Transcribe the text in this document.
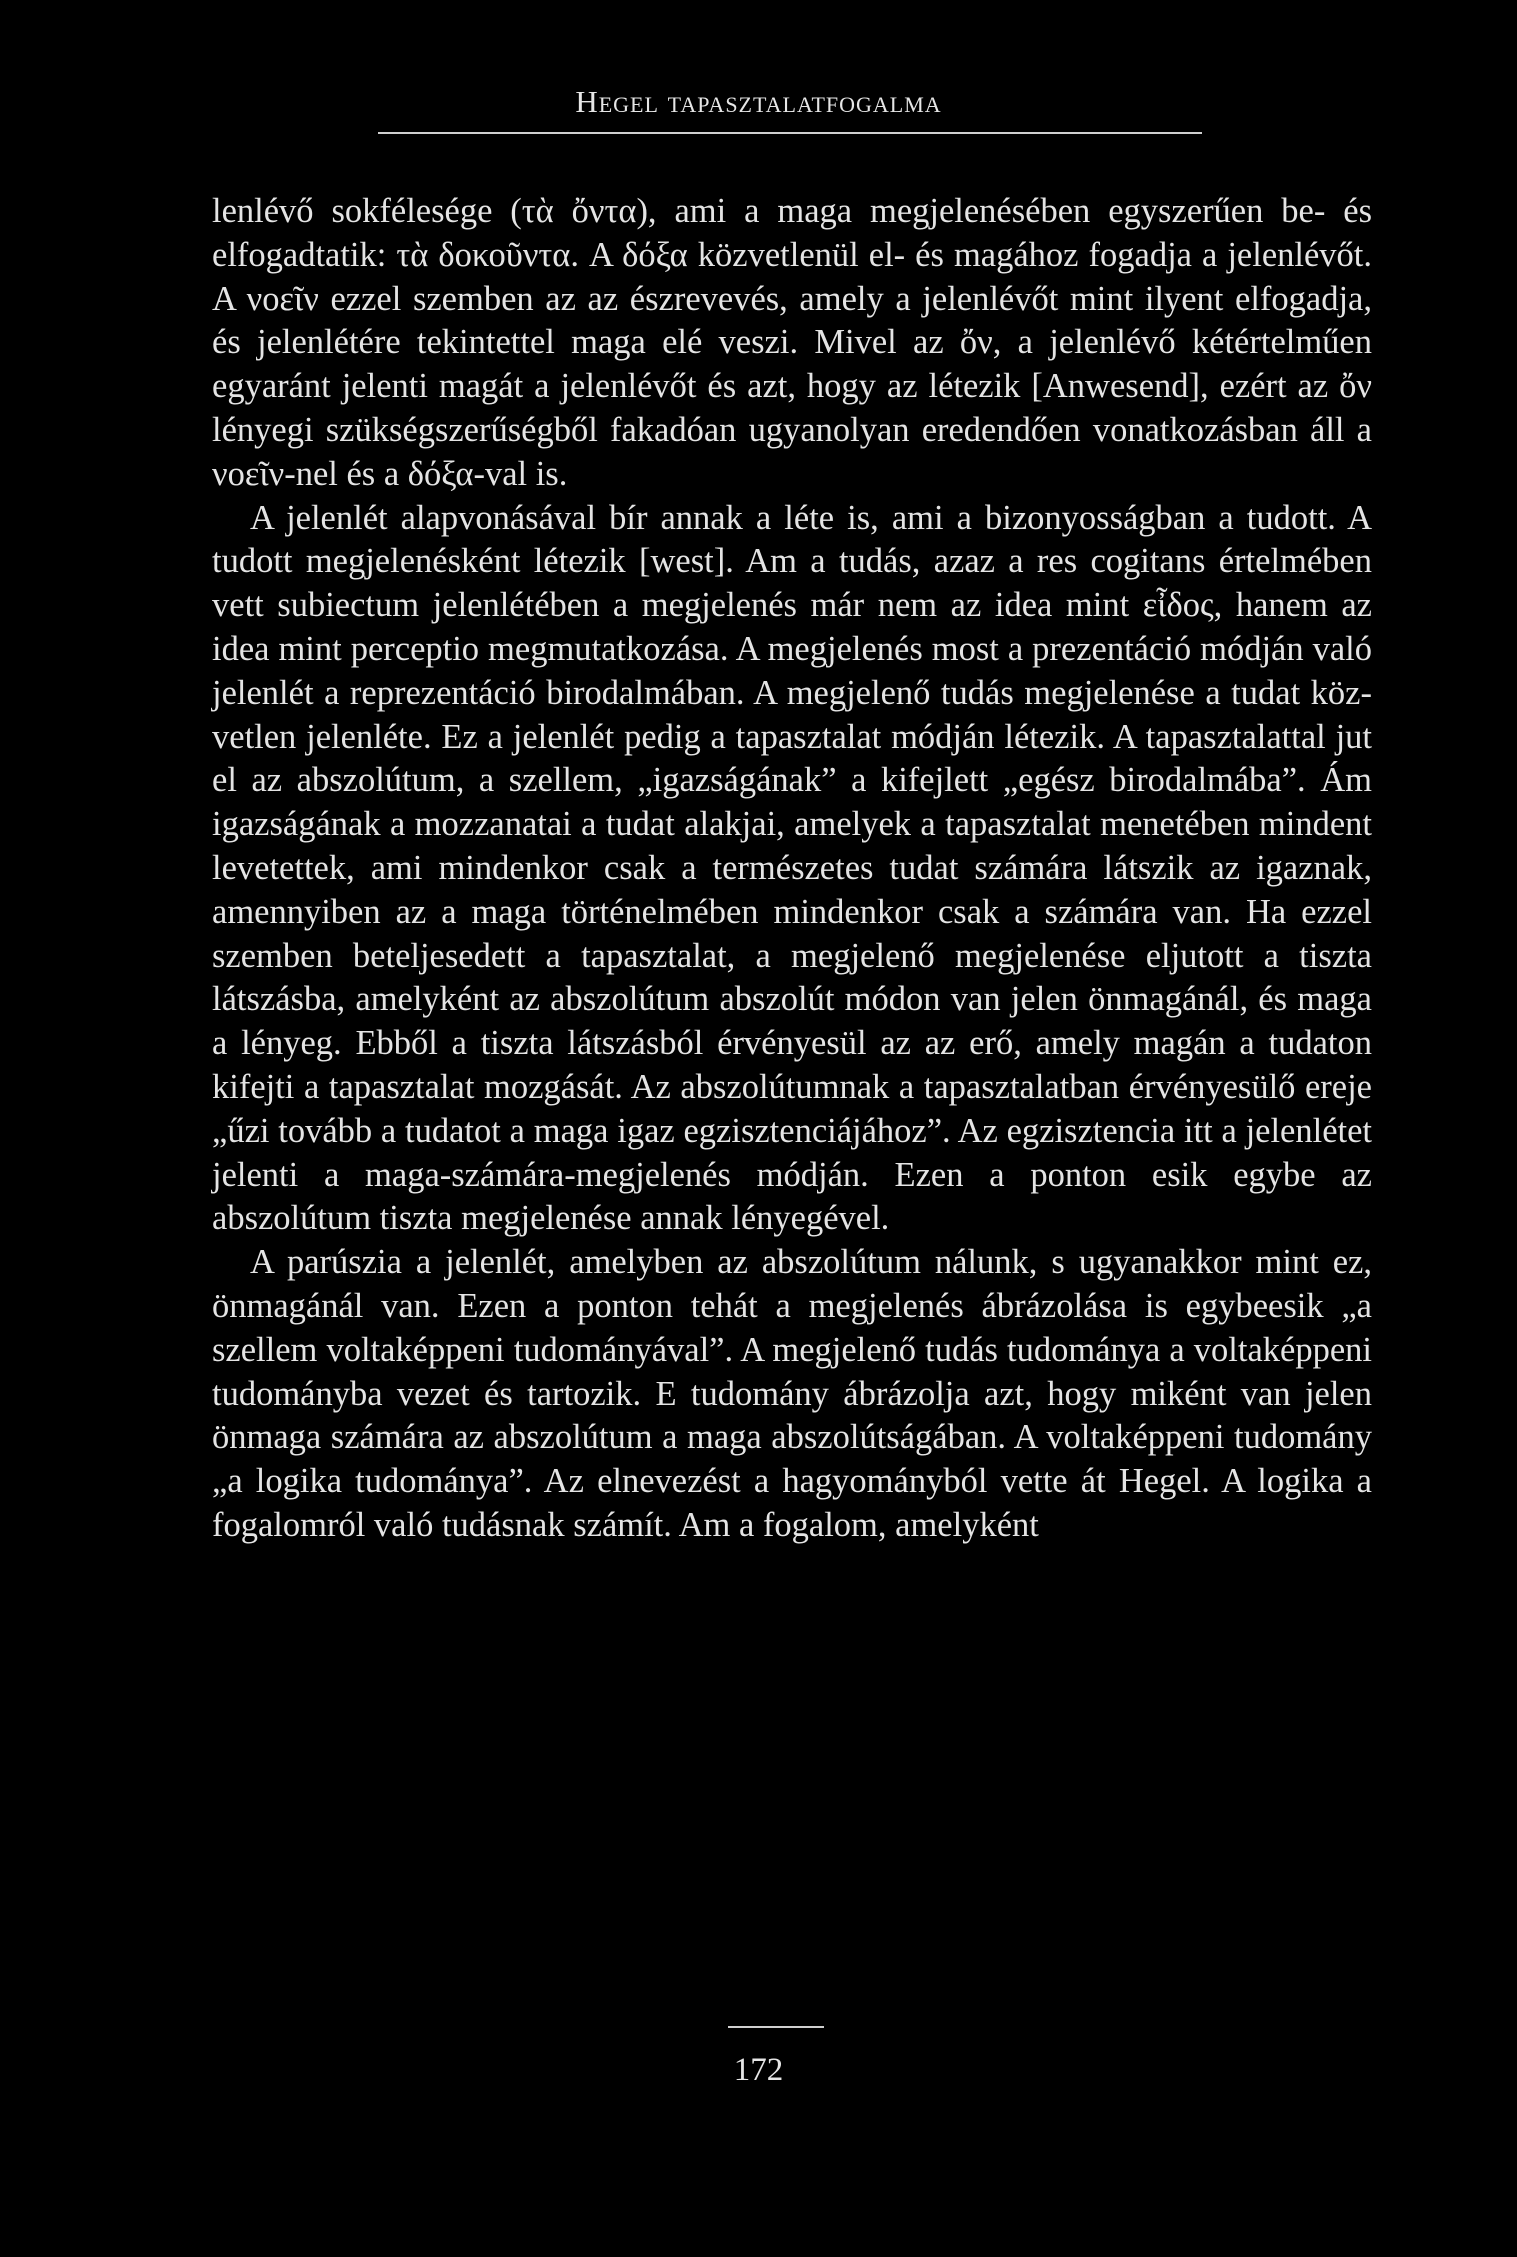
Hegel tapasztalatfogalma

lenlévő sokfélesége (τὰ ὄντα), ami a maga megjelenésében egyszerűen be- és elfogadtatik: τὰ δοκοῦντα. A δόξα közvetlenül el- és magához fogadja a jelenlévőt. A νοεῖν ezzel szemben az az észrevevés, amely a jelenlévőt mint ilyent elfogadja, és jelenlétére tekintettel maga elé veszi. Mivel az ὄν, a jelenlévő kétértelműen egyaránt jelenti magát a jelenlévőt és azt, hogy az létezik [Anwesend], ezért az ὄν lényegi szükségszerűségből fakadóan ugyanolyan eredendően vonatkozásban áll a νοεῖν-nel és a δόξα-val is.

A jelenlét alapvonásával bír annak a léte is, ami a bizonyosságban a tudott. A tudott megjelenésként létezik [west]. Am a tudás, azaz a res cogitans értelmében vett subiectum jelenlétében a megjelenés már nem az idea mint εἶδος, hanem az idea mint perceptio megmutatkozása. A megjelenés most a prezentáció módján való jelenlét a reprezentáció birodalmában. A megjelenő tudás megjelenése a tudat közvetlen jelenléte. Ez a jelenlét pedig a tapasztalat módján létezik. A tapasztalattal jut el az abszolútum, a szellem, „igazságának” a kifejlett „egész birodalmába”. Ám igazságának a mozzanatai a tudat alakjai, amelyek a tapasztalat menetében mindent levetettek, ami mindenkor csak a természetes tudat számára látszik az igaznak, amennyiben az a maga történelmében mindenkor csak a számára van. Ha ezzel szemben beteljesedett a tapasztalat, a megjelenő megjelenése eljutott a tiszta látszásba, amelyként az abszolútum abszolút módon van jelen önmagánál, és maga a lényeg. Ebből a tiszta látszásból érvényesül az az erő, amely magán a tudaton kifejti a tapasztalat mozgását. Az abszolútumnak a tapasztalatban érvényesülő ereje „űzi tovább a tudatot a maga igaz egzisztenciájához”. Az egzisztencia itt a jelenlétet jelenti a maga-számára-megjelenés módján. Ezen a ponton esik egybe az abszolútum tiszta megjelenése annak lényegével.

A parúszia a jelenlét, amelyben az abszolútum nálunk, s ugyanakkor mint ez, önmagánál van. Ezen a ponton tehát a megjelenés ábrázolása is egybeesik „a szellem voltaképpeni tudományával”. A megjelenő tudás tudománya a voltaképpeni tudományba vezet és tartozik. E tudomány ábrázolja azt, hogy miként van jelen önmaga számára az abszolútum a maga abszolútságában. A voltaképpeni tudomány „a logika tudománya”. Az elnevezést a hagyományból vette át Hegel. A logika a fogalomról való tudásnak számít. Am a fogalom, amelyként

172
